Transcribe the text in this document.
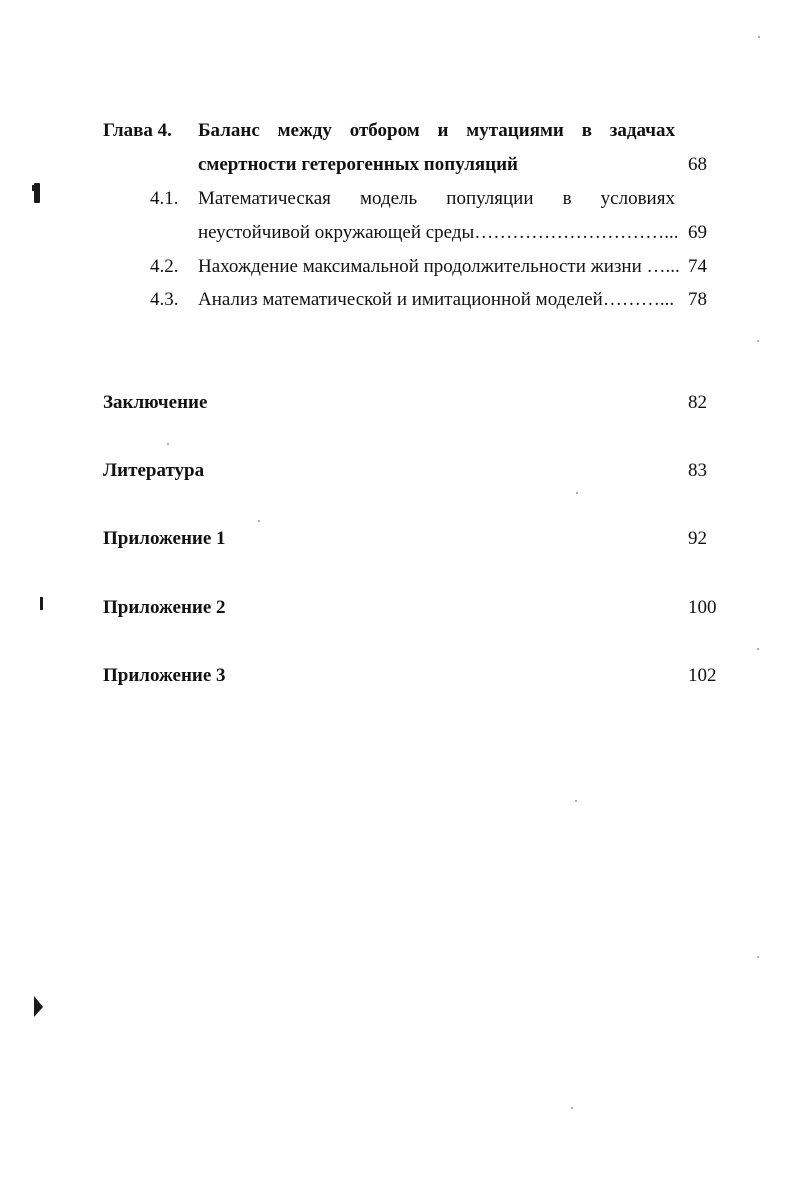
Глава 4. Баланс между отбором и мутациями в задачах
смертности гетерогенных популяций	68
4.1. Математическая модель популяции в условиях
неустойчивой окружающей среды…………………………... 69
4.2. Нахождение максимальной продолжительности жизни …... 74
4.3. Анализ математической и имитационной моделей………... 78
Заключение	82
Литература	83
Приложение 1	92
Приложение 2	100
Приложение 3	102
